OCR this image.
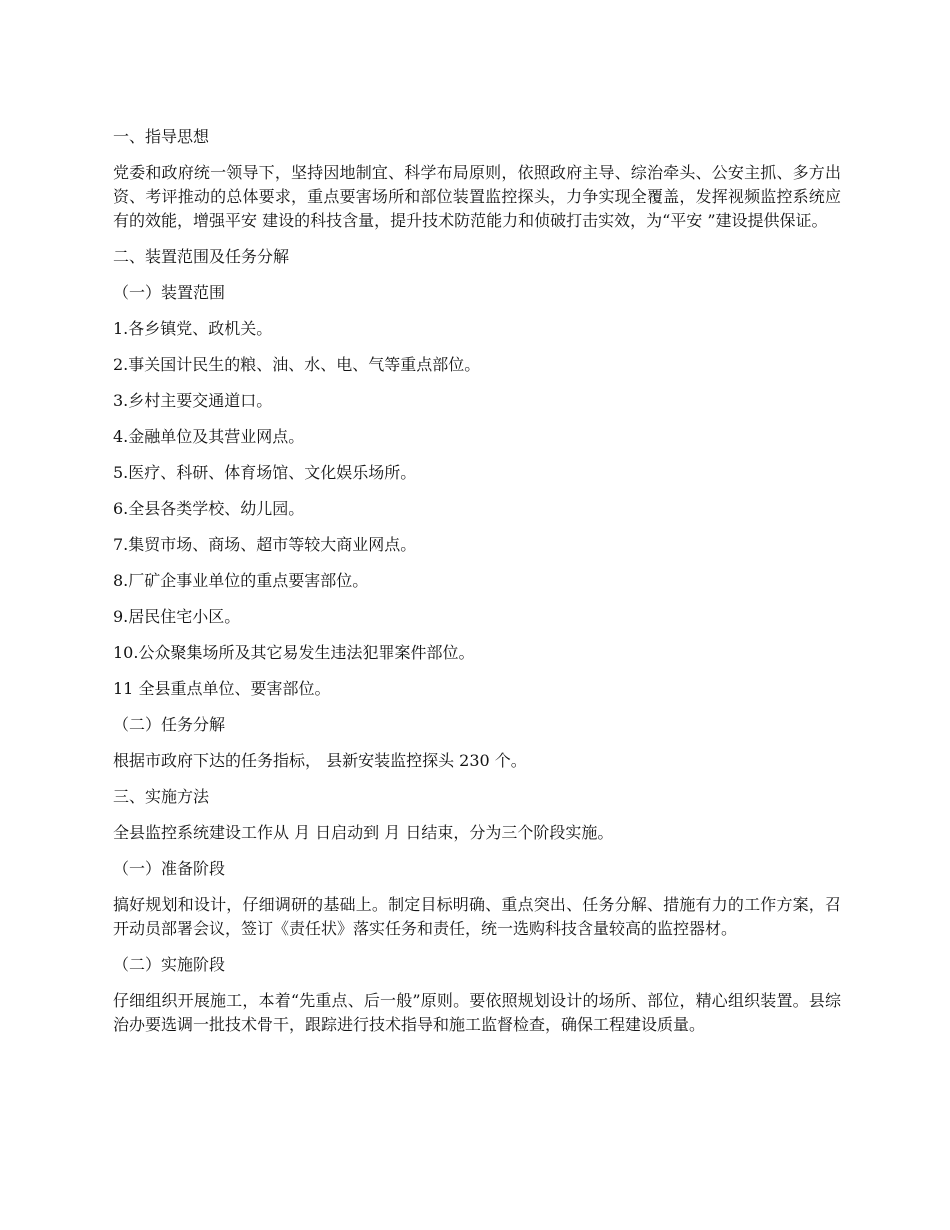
一、指导思想

党委和政府统一领导下，坚持因地制宜、科学布局原则，依照政府主导、综治牵头、公安主抓、多方出资、考评推动的总体要求，重点要害场所和部位装置监控探头，力争实现全覆盖，发挥视频监控系统应有的效能，增强平安 建设的科技含量，提升技术防范能力和侦破打击实效，为“平安 ”建设提供保证。

二、装置范围及任务分解

（一）装置范围

1.各乡镇党、政机关。

2.事关国计民生的粮、油、水、电、气等重点部位。

3.乡村主要交通道口。

4.金融单位及其营业网点。

5.医疗、科研、体育场馆、文化娱乐场所。

6.全县各类学校、幼儿园。

7.集贸市场、商场、超市等较大商业网点。

8.厂矿企事业单位的重点要害部位。

9.居民住宅小区。

10.公众聚集场所及其它易发生违法犯罪案件部位。

11 全县重点单位、要害部位。

（二）任务分解

根据市政府下达的任务指标， 县新安装监控探头 230 个。

三、实施方法

全县监控系统建设工作从 月 日启动到 月 日结束，分为三个阶段实施。

（一）准备阶段

搞好规划和设计，仔细调研的基础上。制定目标明确、重点突出、任务分解、措施有力的工作方案，召开动员部署会议，签订《责任状》落实任务和责任，统一选购科技含量较高的监控器材。

（二）实施阶段

仔细组织开展施工，本着“先重点、后一般”原则。要依照规划设计的场所、部位，精心组织装置。县综治办要选调一批技术骨干，跟踪进行技术指导和施工监督检查，确保工程建设质量。
